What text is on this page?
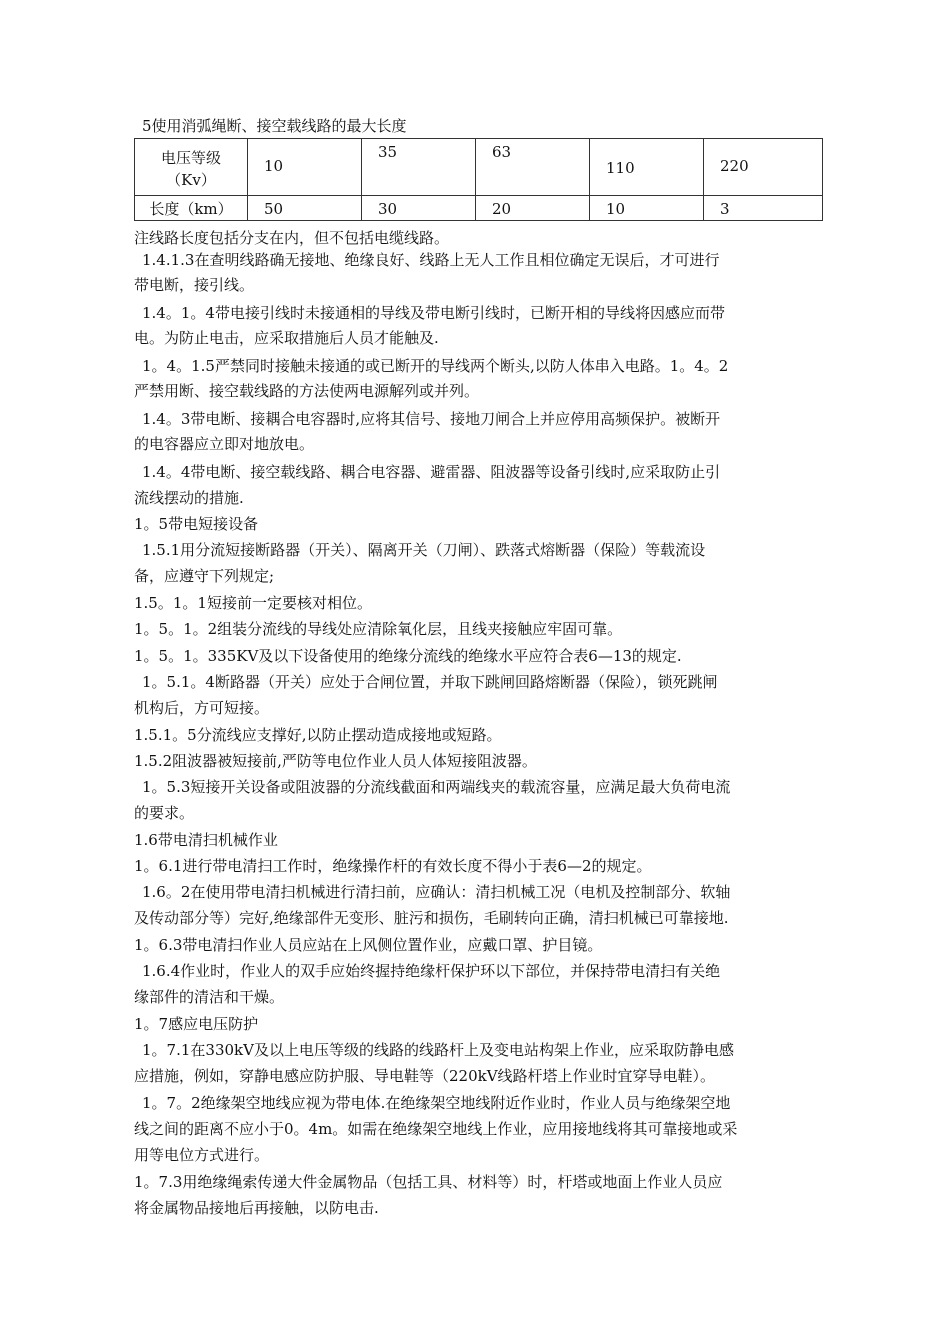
5使用消弧绳断、接空载线路的最大长度
电压等级
（Kv）	10	35	63	110	220

长度（km）	50	30	20	10	3
注线路长度包括分支在内，但不包括电缆线路。
1.4.1.3在查明线路确无接地、绝缘良好、线路上无人工作且相位确定无误后，才可进行
带电断，接引线。
1.4。1。4带电接引线时未接通相的导线及带电断引线时，已断开相的导线将因感应而带
电。为防止电击，应采取措施后人员才能触及.
1。4。1.5严禁同时接触未接通的或已断开的导线两个断头,以防人体串入电路。1。4。2
严禁用断、接空载线路的方法使两电源解列或并列。
1.4。3带电断、接耦合电容器时,应将其信号、接地刀闸合上并应停用高频保护。被断开
的电容器应立即对地放电。
1.4。4带电断、接空载线路、耦合电容器、避雷器、阻波器等设备引线时,应采取防止引
流线摆动的措施.
1。5带电短接设备
1.5.1用分流短接断路器（开关）、隔离开关（刀闸）、跌落式熔断器（保险）等载流设
备，应遵守下列规定;
1.5。1。1短接前一定要核对相位。
1。5。1。2组装分流线的导线处应清除氧化层，且线夹接触应牢固可靠。
1。5。1。335KV及以下设备使用的绝缘分流线的绝缘水平应符合表6—13的规定.
1。5.1。4断路器（开关）应处于合闸位置，并取下跳闸回路熔断器（保险），锁死跳闸
机构后，方可短接。
1.5.1。5分流线应支撑好,以防止摆动造成接地或短路。
1.5.2阻波器被短接前,严防等电位作业人员人体短接阻波器。
1。5.3短接开关设备或阻波器的分流线截面和两端线夹的载流容量，应满足最大负荷电流
的要求。
1.6带电清扫机械作业
1。6.1进行带电清扫工作时，绝缘操作杆的有效长度不得小于表6—2的规定。
1.6。2在使用带电清扫机械进行清扫前，应确认：清扫机械工况（电机及控制部分、软轴
及传动部分等）完好,绝缘部件无变形、脏污和损伤，毛刷转向正确，清扫机械已可靠接地.
1。6.3带电清扫作业人员应站在上风侧位置作业，应戴口罩、护目镜。
1.6.4作业时，作业人的双手应始终握持绝缘杆保护环以下部位，并保持带电清扫有关绝
缘部件的清洁和干燥。
1。7感应电压防护
1。7.1在330kV及以上电压等级的线路的线路杆上及变电站构架上作业，应采取防静电感
应措施，例如，穿静电感应防护服、导电鞋等（220kV线路杆塔上作业时宜穿导电鞋）。
1。7。2绝缘架空地线应视为带电体.在绝缘架空地线附近作业时，作业人员与绝缘架空地
线之间的距离不应小于0。4m。如需在绝缘架空地线上作业，应用接地线将其可靠接地或采
用等电位方式进行。
1。7.3用绝缘绳索传递大件金属物品（包括工具、材料等）时，杆塔或地面上作业人员应
将金属物品接地后再接触，以防电击.
